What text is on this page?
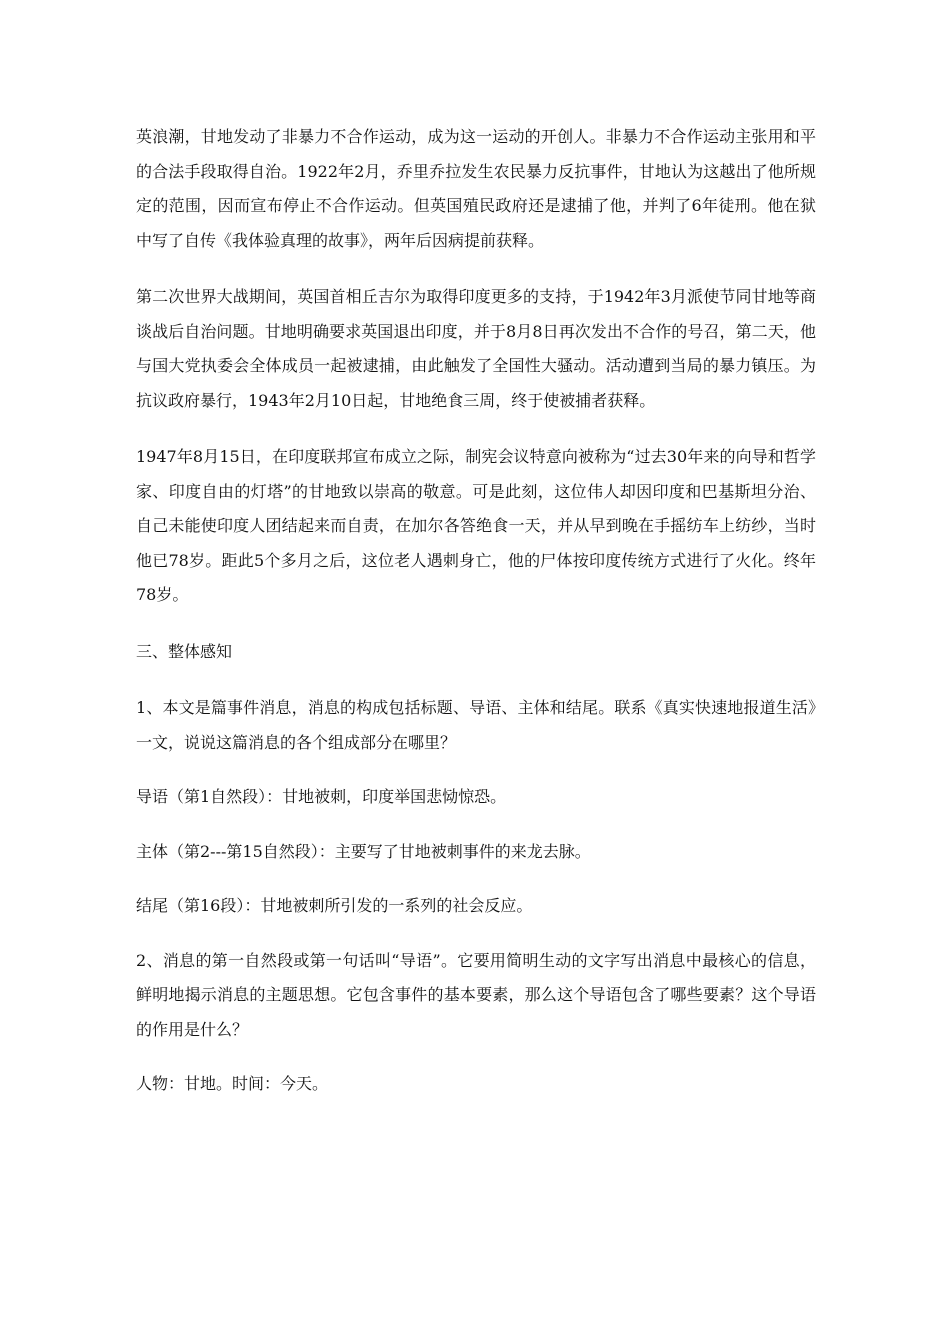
英浪潮，甘地发动了非暴力不合作运动，成为这一运动的开创人。非暴力不合作运动主张用和平的合法手段取得自治。1922年2月，乔里乔拉发生农民暴力反抗事件，甘地认为这越出了他所规定的范围，因而宣布停止不合作运动。但英国殖民政府还是逮捕了他，并判了6年徒刑。他在狱中写了自传《我体验真理的故事》，两年后因病提前获释。

第二次世界大战期间，英国首相丘吉尔为取得印度更多的支持，于1942年3月派使节同甘地等商谈战后自治问题。甘地明确要求英国退出印度，并于8月8日再次发出不合作的号召，第二天，他与国大党执委会全体成员一起被逮捕，由此触发了全国性大骚动。活动遭到当局的暴力镇压。为抗议政府暴行，1943年2月10日起，甘地绝食三周，终于使被捕者获释。

1947年8月15日，在印度联邦宣布成立之际，制宪会议特意向被称为“过去30年来的向导和哲学家、印度自由的灯塔”的甘地致以崇高的敬意。可是此刻，这位伟人却因印度和巴基斯坦分治、自己未能使印度人团结起来而自责，在加尔各答绝食一天，并从早到晚在手摇纺车上纺纱，当时他已78岁。距此5个多月之后，这位老人遇刺身亡，他的尸体按印度传统方式进行了火化。终年78岁。

三、整体感知

1、本文是篇事件消息，消息的构成包括标题、导语、主体和结尾。联系《真实快速地报道生活》一文，说说这篇消息的各个组成部分在哪里？

导语（第1自然段）：甘地被刺，印度举国悲恸惊恐。

主体（第2---第15自然段）：主要写了甘地被刺事件的来龙去脉。

结尾（第16段）：甘地被刺所引发的一系列的社会反应。

2、消息的第一自然段或第一句话叫“导语”。它要用简明生动的文字写出消息中最核心的信息，鲜明地揭示消息的主题思想。它包含事件的基本要素，那么这个导语包含了哪些要素？这个导语的作用是什么？

人物：甘地。时间：今天。
